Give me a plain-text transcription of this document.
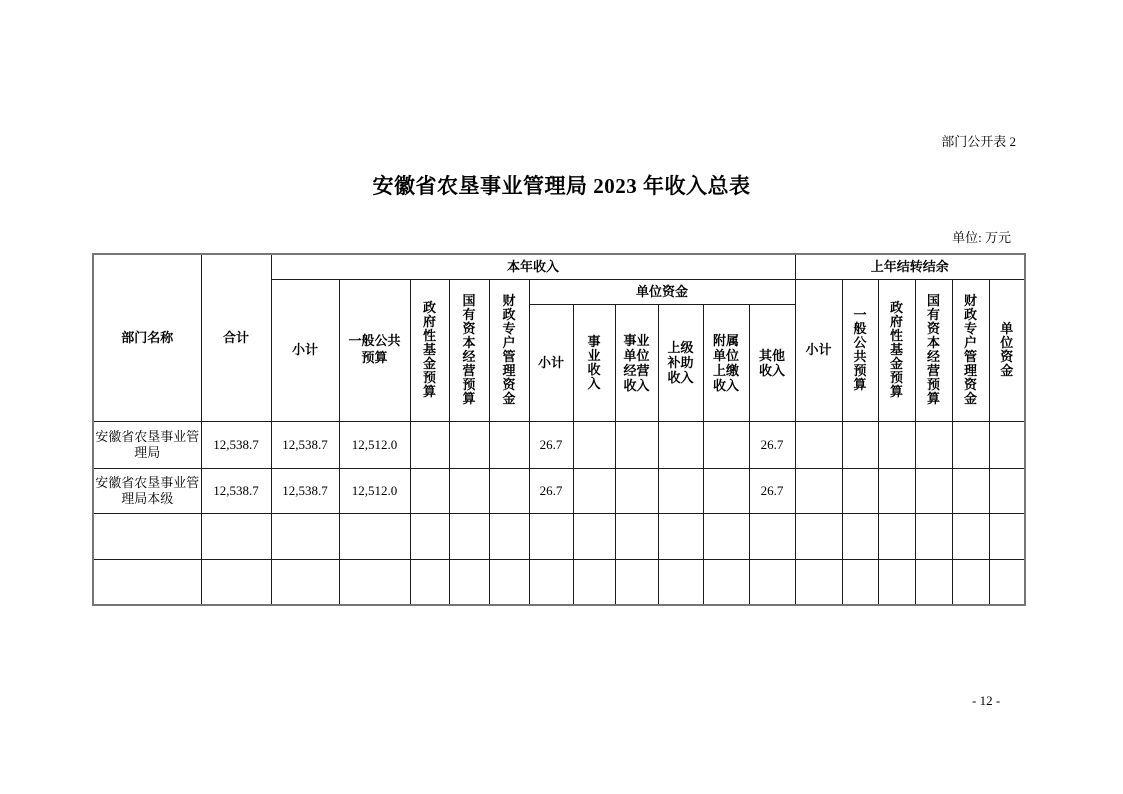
部门公开表 2
安徽省农垦事业管理局 2023 年收入总表
单位: 万元
部门名称	合计	本年收入											上年结转结余					
		小计	一般公共预算	政府性基金预算	国有资本经营预算	财政专户管理资金	单位资金						小计	一般公共预算	政府性基金预算	国有资本经营预算	财政专户管理资金	单位资金
							小计	事业收入	事业单位经营收入	上级补助收入	附属单位上缴收入	其他收入						
安徽省农垦事业管理局	12,538.7	12,538.7	12,512.0				26.7					26.7						
安徽省农垦事业管理局本级	12,538.7	12,538.7	12,512.0				26.7					26.7						

- 12 -
